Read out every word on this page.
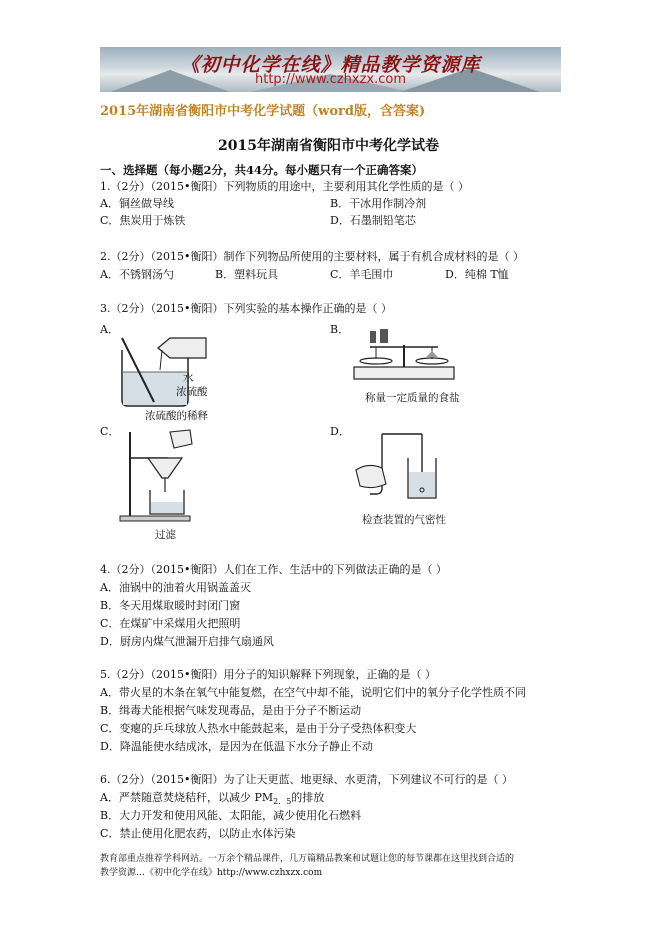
《初中化学在线》精品教学资源库
http://www.czhxzx.com
2015年湖南省衡阳市中考化学试题（word版，含答案)
2015年湖南省衡阳市中考化学试卷
一、选择题（每小题2分，共44分。每小题只有一个正确答案）
1.（2分）（2015•衡阳）下列物质的用途中，主要利用其化学性质的是（ ）
A．铜丝做导线	B．干冰用作制冷剂
C．焦炭用于炼铁	D．石墨制铅笔芯
2.（2分）（2015•衡阳）制作下列物品所使用的主要材料，属于有机合成材料的是（ ）
A．不锈钢汤勺	B．塑料玩具	C．羊毛围巾	D．纯棉 T恤
3.（2分）（2015•衡阳）下列实验的基本操作正确的是（ ）
A．	B．
水
浓硫酸
浓硫酸的稀释
称量一定质量的食盐
C．	D．
过滤
检查装置的气密性
4.（2分）（2015•衡阳）人们在工作、生活中的下列做法正确的是（ ）
A．油锅中的油着火用锅盖盖灭
B．冬天用煤取暖时封闭门窗
C．在煤矿中采煤用火把照明
D．厨房内煤气泄漏开启排气扇通风
5.（2分）（2015•衡阳）用分子的知识解释下列现象，正确的是（ ）
A．带火星的木条在氧气中能复燃，在空气中却不能，说明它们中的氧分子化学性质不同
B．缉毒犬能根据气味发现毒品，是由于分子不断运动
C．变瘪的乒乓球放人热水中能鼓起来，是由于分子受热体积变大
D．降温能使水结成冰，是因为在低温下水分子静止不动
6.（2分）（2015•衡阳）为了让天更蓝、地更绿、水更清，下列建议不可行的是（ ）
A．严禁随意焚烧秸秆，以减少 $PM_{2.5}$的排放
B．大力开发和使用风能、太阳能，减少使用化石燃料
C．禁止使用化肥农药，以防止水体污染
教育部重点推荐学科网站。一万余个精品课件，几万篇精品教案和试题让您的每节课都在这里找到合适的
教学资源…《初中化学在线》http://www.czhxzx.com
